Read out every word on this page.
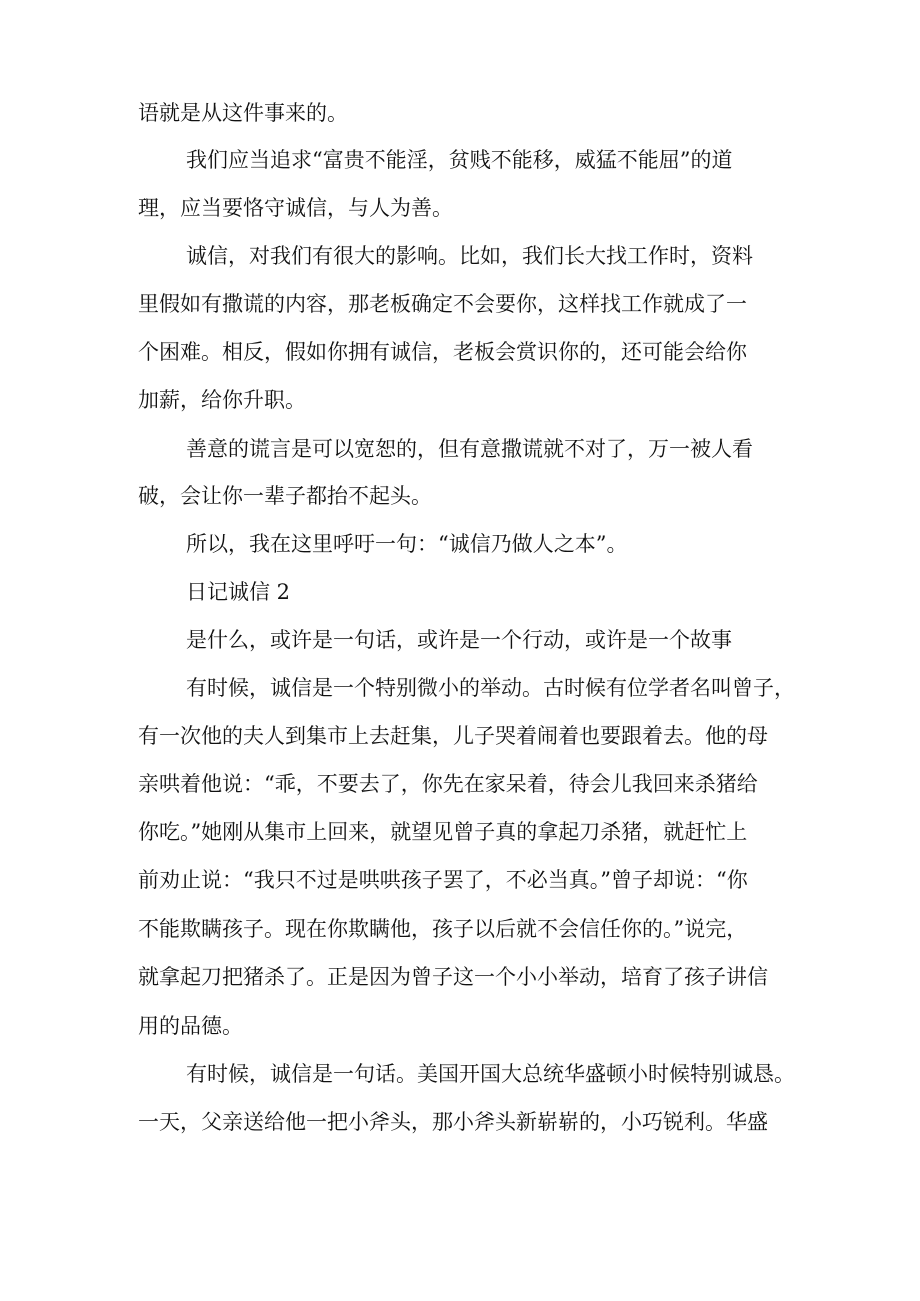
语就是从这件事来的。
我们应当追求“富贵不能淫，贫贱不能移，威猛不能屈”的道
理，应当要恪守诚信，与人为善。
诚信，对我们有很大的影响。比如，我们长大找工作时，资料
里假如有撒谎的内容，那老板确定不会要你，这样找工作就成了一
个困难。相反，假如你拥有诚信，老板会赏识你的，还可能会给你
加薪，给你升职。
善意的谎言是可以宽恕的，但有意撒谎就不对了，万一被人看
破，会让你一辈子都抬不起头。
所以，我在这里呼吁一句：“诚信乃做人之本”。
日记诚信 2
是什么，或许是一句话，或许是一个行动，或许是一个故事
有时候，诚信是一个特别微小的举动。古时候有位学者名叫曾子，
有一次他的夫人到集市上去赶集，儿子哭着闹着也要跟着去。他的母
亲哄着他说：“乖，不要去了，你先在家呆着，待会儿我回来杀猪给
你吃。”她刚从集市上回来，就望见曾子真的拿起刀杀猪，就赶忙上
前劝止说：“我只不过是哄哄孩子罢了，不必当真。”曾子却说：“你
不能欺瞒孩子。现在你欺瞒他，孩子以后就不会信任你的。”说完，
就拿起刀把猪杀了。正是因为曾子这一个小小举动，培育了孩子讲信
用的品德。
有时候，诚信是一句话。美国开国大总统华盛顿小时候特别诚恳。
一天，父亲送给他一把小斧头，那小斧头新崭崭的，小巧锐利。华盛
